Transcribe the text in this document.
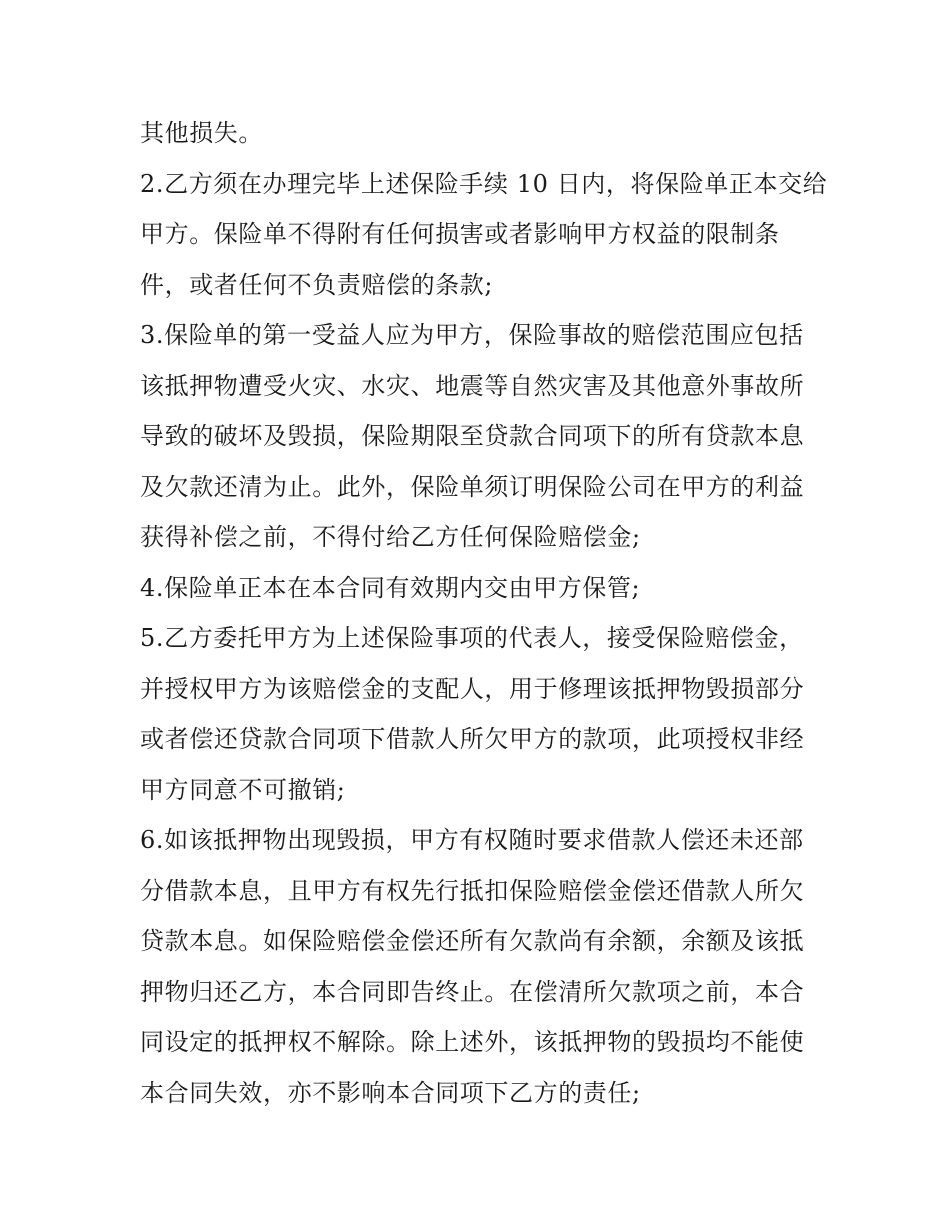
其他损失。
2.乙方须在办理完毕上述保险手续 10 日内，将保险单正本交给
甲方。保险单不得附有任何损害或者影响甲方权益的限制条
件，或者任何不负责赔偿的条款;
3.保险单的第一受益人应为甲方，保险事故的赔偿范围应包括
该抵押物遭受火灾、水灾、地震等自然灾害及其他意外事故所
导致的破坏及毁损，保险期限至贷款合同项下的所有贷款本息
及欠款还清为止。此外，保险单须订明保险公司在甲方的利益
获得补偿之前，不得付给乙方任何保险赔偿金;
4.保险单正本在本合同有效期内交由甲方保管;
5.乙方委托甲方为上述保险事项的代表人，接受保险赔偿金，
并授权甲方为该赔偿金的支配人，用于修理该抵押物毁损部分
或者偿还贷款合同项下借款人所欠甲方的款项，此项授权非经
甲方同意不可撤销;
6.如该抵押物出现毁损，甲方有权随时要求借款人偿还未还部
分借款本息，且甲方有权先行抵扣保险赔偿金偿还借款人所欠
贷款本息。如保险赔偿金偿还所有欠款尚有余额，余额及该抵
押物归还乙方，本合同即告终止。在偿清所欠款项之前，本合
同设定的抵押权不解除。除上述外，该抵押物的毁损均不能使
本合同失效，亦不影响本合同项下乙方的责任;
